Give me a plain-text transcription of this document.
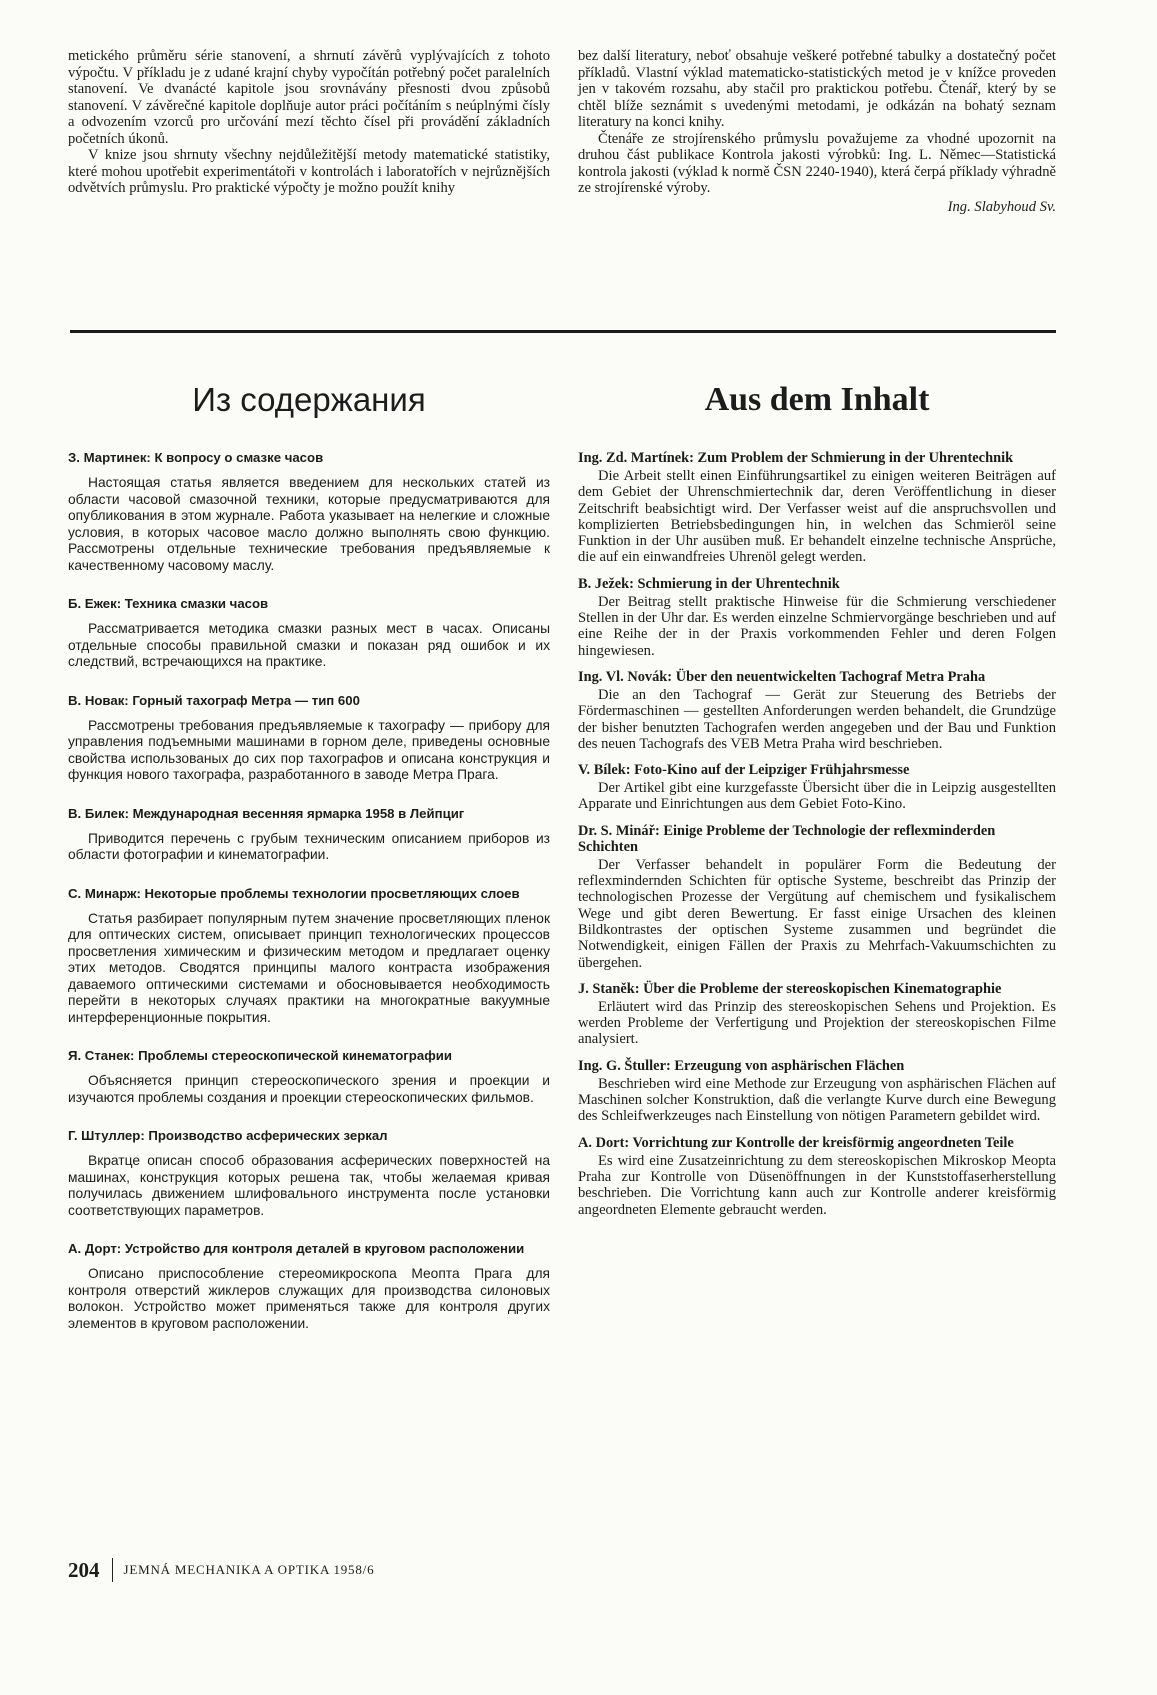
metického průměru série stanovení, a shrnutí závěrů vyplývajících z tohoto výpočtu. V příkladu je z udané krajní chyby vypočítán potřebný počet paralelních stanovení. Ve dvanácté kapitole jsou srovnávány přesnosti dvou způsobů stanovení. V závěrečné kapitole doplňuje autor práci počítáním s neúplnými čísly a odvozením vzorců pro určování mezí těchto čísel při provádění základních početních úkonů.

V knize jsou shrnuty všechny nejdůležitější metody matematické statistiky, které mohou upotřebit experimentátoři v kontrolách i laboratořích v nejrůznějších odvětvích průmyslu. Pro praktické výpočty je možno použít knihy

bez další literatury, neboť obsahuje veškeré potřebné tabulky a dostatečný počet příkladů. Vlastní výklad matematicko-statistických metod je v knížce proveden jen v takovém rozsahu, aby stačil pro praktickou potřebu. Čtenář, který by se chtěl blíže seznámit s uvedenými metodami, je odkázán na bohatý seznam literatury na konci knihy.

Čtenáře ze strojírenského průmyslu považujeme za vhodné upozornit na druhou část publikace Kontrola jakosti výrobků: Ing. L. Němec—Statistická kontrola jakosti (výklad k normě ČSN 2240-1940), která čerpá příklady výhradně ze strojírenské výroby.

Ing. Slabyhoud Sv.

Из содержания	Aus dem Inhalt

З. Мартинек: К вопросу о смазке часов

Настоящая статья является введением для нескольких статей из области часовой смазочной техники, которые предусматриваются для опубликования в этом журнале. Работа указывает на нелегкие и сложные условия, в которых часовое масло должно выполнять свою функцию. Рассмотрены отдельные технические требования предъявляемые к качественному часовому маслу.

Б. Ежек: Техника смазки часов

Рассматривается методика смазки разных мест в часах. Описаны отдельные способы правильной смазки и показан ряд ошибок и их следствий, встречающихся на практике.

В. Новак: Горный тахограф Метра — тип 600

Рассмотрены требования предъявляемые к тахографу — прибору для управления подъемными машинами в горном деле, приведены основные свойства использованых до сих пор тахографов и описана конструкция и функция нового тахографа, разработанного в заводе Метра Прага.

В. Билек: Международная весенняя ярмарка 1958 в Лейпциг

Приводится перечень с грубым техническим описанием приборов из области фотографии и кинематографии.

С. Минарж: Некоторые проблемы технологии просветляющих слоев

Статья разбирает популярным путем значение просветляющих пленок для оптических систем, описывает принцип технологических процессов просветления химическим и физическим методом и предлагает оценку этих методов. Сводятся принципы малого контраста изображения даваемого оптическими системами и обосновывается необходимость перейти в некоторых случаях практики на многократные вакуумные интерференционные покрытия.

Я. Станек: Проблемы стереоскопической кинематографии

Объясняется принцип стереоскопического зрения и проекции и изучаются проблемы создания и проекции стереоскопических фильмов.

Г. Штуллер: Производство асферических зеркал

Вкратце описан способ образования асферических поверхностей на машинах, конструкция которых решена так, чтобы желаемая кривая получилась движением шлифовального инструмента после установки соответствующих параметров.

А. Дорт: Устройство для контроля деталей в круговом расположении

Описано приспособление стереомикроскопа Меопта Прага для контроля отверстий жиклеров служащих для производства силоновых волокон. Устройство может применяться также для контроля других элементов в круговом расположении.

Ing. Zd. Martínek: Zum Problem der Schmierung in der Uhrentechnik

Die Arbeit stellt einen Einführungsartikel zu einigen weiteren Beiträgen auf dem Gebiet der Uhrenschmiertechnik dar, deren Veröffentlichung in dieser Zeitschrift beabsichtigt wird. Der Verfasser weist auf die anspruchsvollen und komplizierten Betriebsbedingungen hin, in welchen das Schmieröl seine Funktion in der Uhr ausüben muß. Er behandelt einzelne technische Ansprüche, die auf ein einwandfreies Uhrenöl gelegt werden.

B. Ježek: Schmierung in der Uhrentechnik

Der Beitrag stellt praktische Hinweise für die Schmierung verschiedener Stellen in der Uhr dar. Es werden einzelne Schmiervorgänge beschrieben und auf eine Reihe der in der Praxis vorkommenden Fehler und deren Folgen hingewiesen.

Ing. Vl. Novák: Über den neuentwickelten Tachograf Metra Praha

Die an den Tachograf — Gerät zur Steuerung des Betriebs der Fördermaschinen — gestellten Anforderungen werden behandelt, die Grundzüge der bisher benutzten Tachografen werden angegeben und der Bau und Funktion des neuen Tachografs des VEB Metra Praha wird beschrieben.

V. Bílek: Foto-Kino auf der Leipziger Frühjahrsmesse

Der Artikel gibt eine kurzgefasste Übersicht über die in Leipzig ausgestellten Apparate und Einrichtungen aus dem Gebiet Foto-Kino.

Dr. S. Minář: Einige Probleme der Technologie der reflexminderden Schichten

Der Verfasser behandelt in populärer Form die Bedeutung der reflexmindernden Schichten für optische Systeme, beschreibt das Prinzip der technologischen Prozesse der Vergütung auf chemischem und fysikalischem Wege und gibt deren Bewertung. Er fasst einige Ursachen des kleinen Bildkontrastes der optischen Systeme zusammen und begründet die Notwendigkeit, einigen Fällen der Praxis zu Mehrfach-Vakuumschichten zu übergehen.

J. Staněk: Über die Probleme der stereoskopischen Kinematographie

Erläutert wird das Prinzip des stereoskopischen Sehens und Projektion. Es werden Probleme der Verfertigung und Projektion der stereoskopischen Filme analysiert.

Ing. G. Štuller: Erzeugung von asphärischen Flächen

Beschrieben wird eine Methode zur Erzeugung von asphärischen Flächen auf Maschinen solcher Konstruktion, daß die verlangte Kurve durch eine Bewegung des Schleifwerkzeuges nach Einstellung von nötigen Parametern gebildet wird.

A. Dort: Vorrichtung zur Kontrolle der kreisförmig angeordneten Teile

Es wird eine Zusatzeinrichtung zu dem stereoskopischen Mikroskop Meopta Praha zur Kontrolle von Düsenöffnungen in der Kunststoffaserherstellung beschrieben. Die Vorrichtung kann auch zur Kontrolle anderer kreisförmig angeordneten Elemente gebraucht werden.

204 JEMNÁ MECHANIKA A OPTIKA 1958/6
